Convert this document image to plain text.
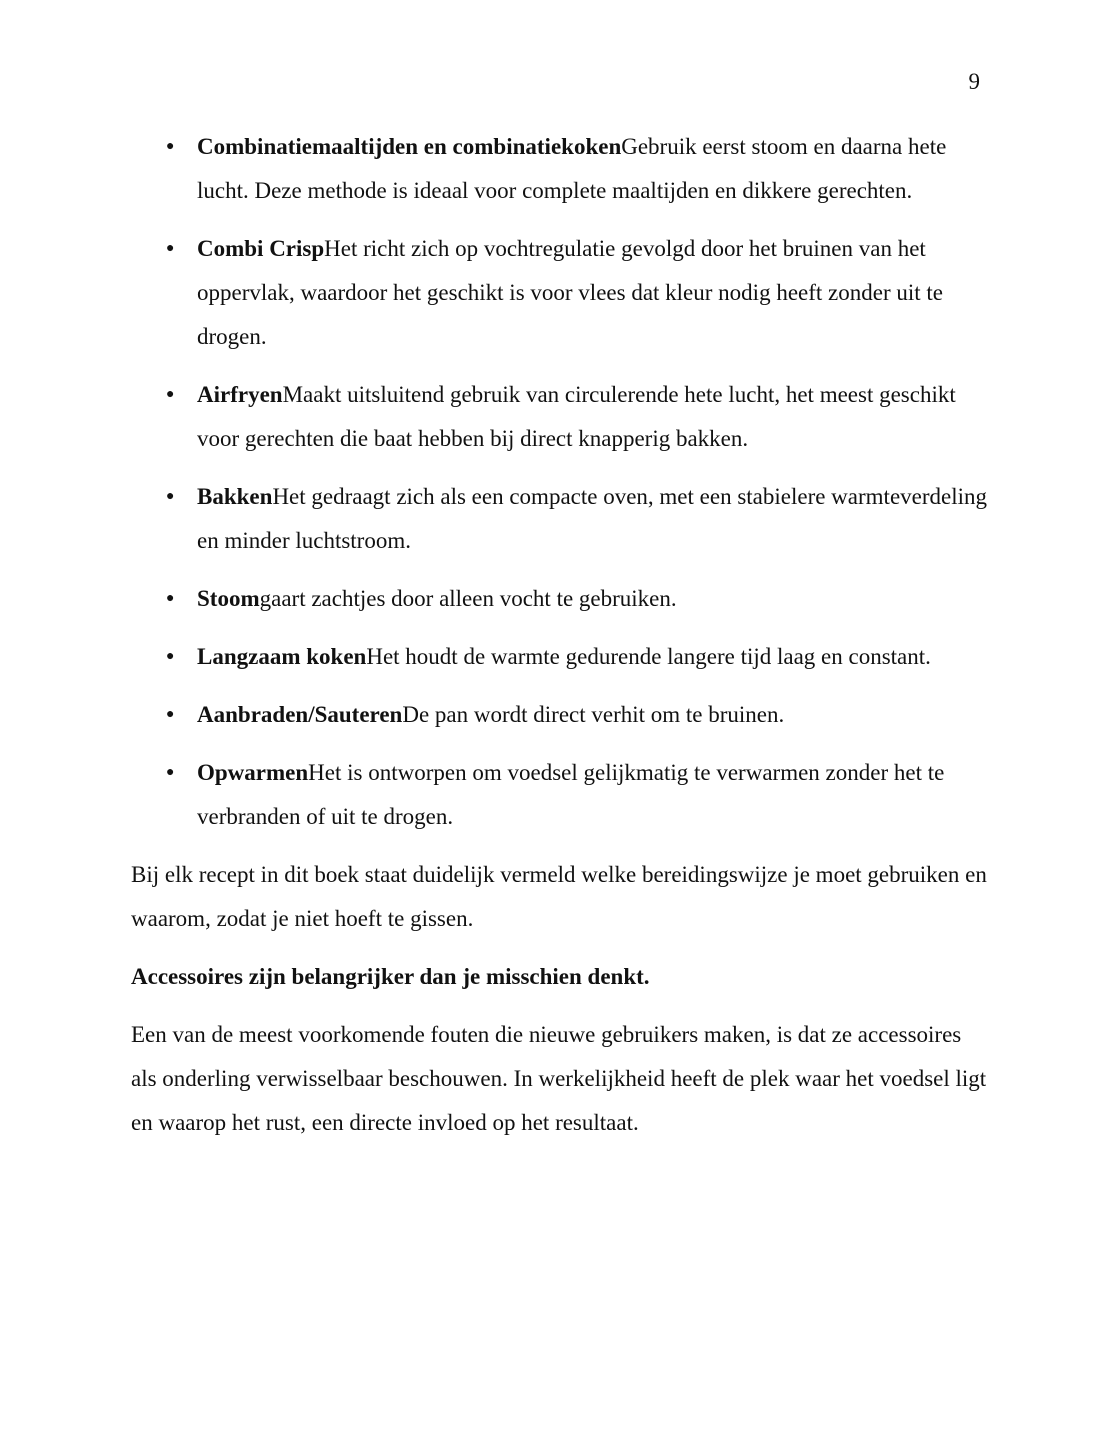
9
● Combinatiemaaltijden en combinatiekokenGebruik eerst stoom en daarna hete lucht. Deze methode is ideaal voor complete maaltijden en dikkere gerechten.
● Combi CrispHet richt zich op vochtregulatie gevolgd door het bruinen van het oppervlak, waardoor het geschikt is voor vlees dat kleur nodig heeft zonder uit te drogen.
● AirfryenMaakt uitsluitend gebruik van circulerende hete lucht, het meest geschikt voor gerechten die baat hebben bij direct knapperig bakken.
● BakkenHet gedraagt zich als een compacte oven, met een stabielere warmteverdeling en minder luchtstroom.
● Stoomgaart zachtjes door alleen vocht te gebruiken.
● Langzaam kokenHet houdt de warmte gedurende langere tijd laag en constant.
● Aanbraden/SauterenDe pan wordt direct verhit om te bruinen.
● OpwarmenHet is ontworpen om voedsel gelijkmatig te verwarmen zonder het te verbranden of uit te drogen.

Bij elk recept in dit boek staat duidelijk vermeld welke bereidingswijze je moet gebruiken en waarom, zodat je niet hoeft te gissen.

Accessoires zijn belangrijker dan je misschien denkt.

Een van de meest voorkomende fouten die nieuwe gebruikers maken, is dat ze accessoires als onderling verwisselbaar beschouwen. In werkelijkheid heeft de plek waar het voedsel ligt en waarop het rust, een directe invloed op het resultaat.
